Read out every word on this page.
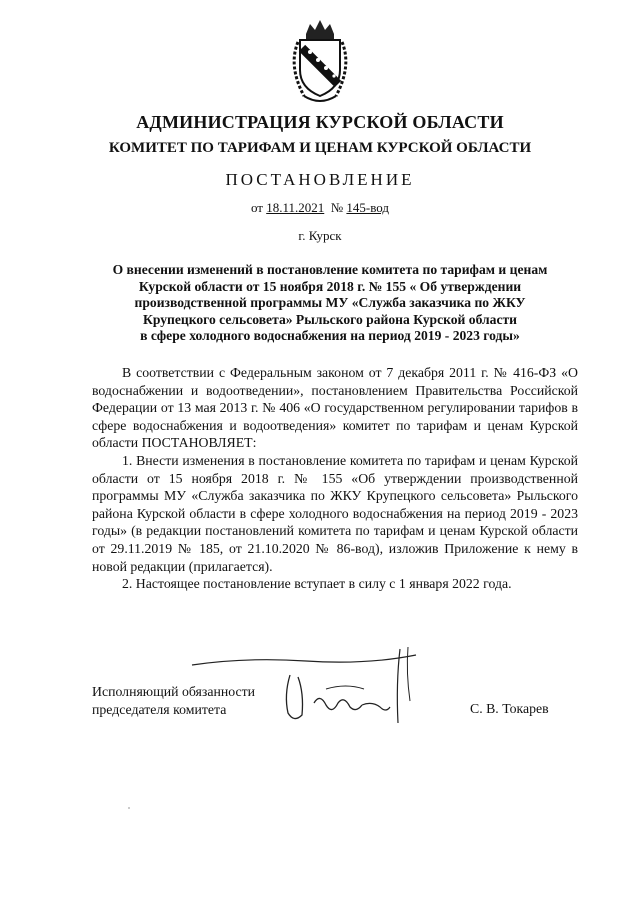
АДМИНИСТРАЦИЯ КУРСКОЙ ОБЛАСТИ
КОМИТЕТ ПО ТАРИФАМ И ЦЕНАМ КУРСКОЙ ОБЛАСТИ
ПОСТАНОВЛЕНИЕ
от 18.11.2021 № 145-вод
г. Курск
О внесении изменений в постановление комитета по тарифам и ценам
Курской области от 15 ноября 2018 г. № 155 « Об утверждении
производственной программы МУ «Служба заказчика по ЖКУ
Крупецкого сельсовета» Рыльского района Курской области
в сфере холодного водоснабжения на период 2019 - 2023 годы»

В соответствии с Федеральным законом от 7 декабря 2011 г. № 416-ФЗ «О водоснабжении и водоотведении», постановлением Правительства Российской Федерации от 13 мая 2013 г. № 406 «О государственном регулировании тарифов в сфере водоснабжения и водоотведения» комитет по тарифам и ценам Курской области ПОСТАНОВЛЯЕТ:

1. Внести изменения в постановление комитета по тарифам и ценам Курской области от 15 ноября 2018 г. № 155 «Об утверждении производственной программы МУ «Служба заказчика по ЖКУ Крупецкого сельсовета» Рыльского района Курской области в сфере холодного водоснабжения на период 2019 - 2023 годы» (в редакции постановлений комитета по тарифам и ценам Курской области от 29.11.2019 № 185, от 21.10.2020 № 86-вод), изложив Приложение к нему в новой редакции (прилагается).

2. Настоящее постановление вступает в силу с 1 января 2022 года.

Исполняющий обязанности
председателя комитета	С. В. Токарев
